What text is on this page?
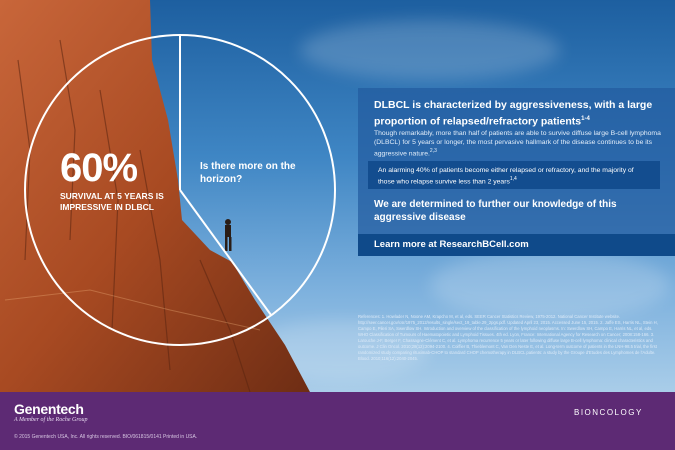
60%
SURVIVAL AT 5 YEARS IS IMPRESSIVE IN DLBCL
Is there more on the horizon?
DLBCL is characterized by aggressiveness, with a large proportion of relapsed/refractory patients$^{1-4}$
Though remarkably, more than half of patients are able to survive diffuse large B-cell lymphoma (DLBCL) for 5 years or longer, the most pervasive hallmark of the disease continues to be its aggressive nature.$^{2,3}$
An alarming 40% of patients become either relapsed or refractory, and the majority of those who relapse survive less than 2 years$^{1,4}$
We are determined to further our knowledge of this aggressive disease
Learn more at ResearchBCell.com
References: 1. Howlader N, Noone AM, Krapcho M, et al, eds. SEER Cancer Statistics Review, 1975-2012. National Cancer Institute website. http://seer.cancer.gov/csr/1975_2012/results_single/sect_19_table.29_2pgs.pdf. Updated April 23, 2015. Accessed June 15, 2015. 2. Jaffe ES, Harris NL, Stein H, Campo E, Pileri SA, Swerdlow SH. Introduction and overview of the classification of the lymphoid neoplasms. In: Swerdlow SH, Campo E, Harris NL, et al, eds. WHO Classification of Tumours of Haematopoietic and Lymphoid Tissues. 4th ed. Lyon, France: International Agency for Research on Cancer; 2008:158-166. 3. Larouche J-F, Berger F, Chassagne-Clément C, et al. Lymphoma recurrence 5 years or later following diffuse large B-cell lymphoma: clinical characteristics and outcome. J Clin Oncol. 2010;28(12):2094-2100. 4. Coiffier B, Thieblemont C, Van Den Neste E, et al. Long-term outcome of patients in the LNH-98.5 trial, the first randomized study comparing rituximab-CHOP to standard CHOP chemotherapy in DLBCL patients: a study by the Groupe d'Etudes des Lymphomes de l'Adulte. Blood. 2010;116(12):2040-2045.
Genentech
A Member of the Roche Group
© 2015 Genentech USA, Inc. All rights reserved. BIO/061815/0141 Printed in USA.
BIONCOLOGY
